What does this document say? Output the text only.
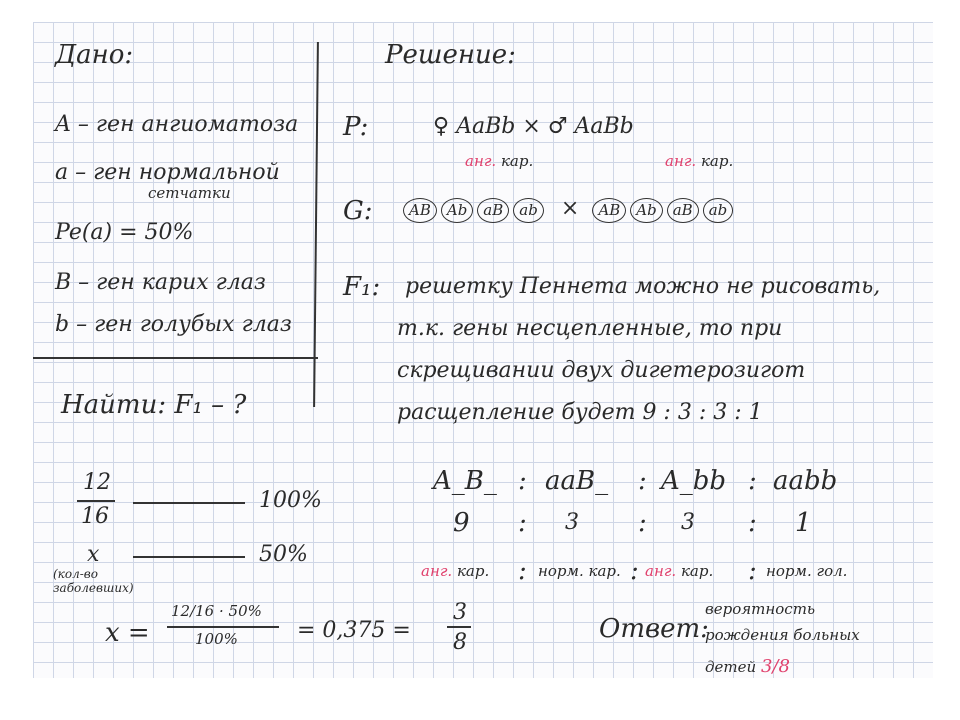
Дано:
A – ген ангиоматоза
a – ген нормальной
сетчатки
Pe(a) = 50%
B – ген карих глаз
b – ген голубых глаз
Найти: F₁ – ?
Решение:
P:	♀ AaBb × ♂ AaBb
анг. кар.	анг. кар.
G:	AB Ab aB ab × AB Ab aB ab
F₁: решетку Пеннета можно не рисовать,
т.к. гены несцепленные, то при
скрещивании двух дигетерозигот
расщепление будет 9 : 3 : 3 : 1
A_B_ : aaB_ : A_bb : aabb
9 : 3 : 3 : 1
анг. кар. : норм. кар. : анг. кар. : норм. гол.
12
16
100%
x
(кол-во заболевших)
50%
x =
12/16 · 50%
100%	= 0,375 =
3
8	Ответ:
вероятность
рождения больных
детей 3/8
